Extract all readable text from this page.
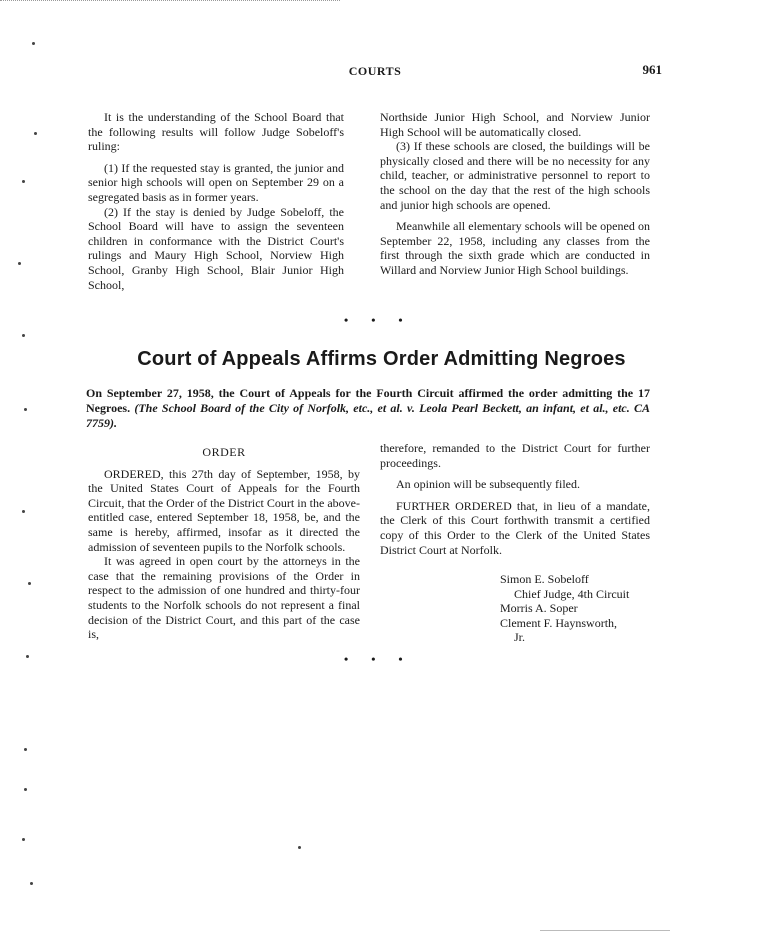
COURTS	961

It is the understanding of the School Board that the following results will follow Judge Sobeloff's ruling:

(1) If the requested stay is granted, the junior and senior high schools will open on September 29 on a segregated basis as in former years.

(2) If the stay is denied by Judge Sobeloff, the School Board will have to assign the seventeen children in conformance with the District Court's rulings and Maury High School, Norview High School, Granby High School, Blair Junior High School,

Northside Junior High School, and Norview Junior High School will be automatically closed.

(3) If these schools are closed, the buildings will be physically closed and there will be no necessity for any child, teacher, or administrative personnel to report to the school on the day that the rest of the high schools and junior high schools are opened.

Meanwhile all elementary schools will be opened on September 22, 1958, including any classes from the first through the sixth grade which are conducted in Willard and Norview Junior High School buildings.

• • •
Court of Appeals Affirms Order Admitting Negroes
On September 27, 1958, the Court of Appeals for the Fourth Circuit affirmed the order admitting the 17 Negroes. (The School Board of the City of Norfolk, etc., et al. v. Leola Pearl Beckett, an infant, et al., etc. CA 7759).

ORDER

ORDERED, this 27th day of September, 1958, by the United States Court of Appeals for the Fourth Circuit, that the Order of the District Court in the above-entitled case, entered September 18, 1958, be, and the same is hereby, affirmed, insofar as it directed the admission of seventeen pupils to the Norfolk schools.

It was agreed in open court by the attorneys in the case that the remaining provisions of the Order in respect to the admission of one hundred and thirty-four students to the Norfolk schools do not represent a final decision of the District Court, and this part of the case is,

therefore, remanded to the District Court for further proceedings.

An opinion will be subsequently filed.

FURTHER ORDERED that, in lieu of a mandate, the Clerk of this Court forthwith transmit a certified copy of this Order to the Clerk of the United States District Court at Norfolk.

Simon E. Sobeloff
Chief Judge, 4th Circuit
Morris A. Soper
Clement F. Haynsworth,
Jr.
• • •
